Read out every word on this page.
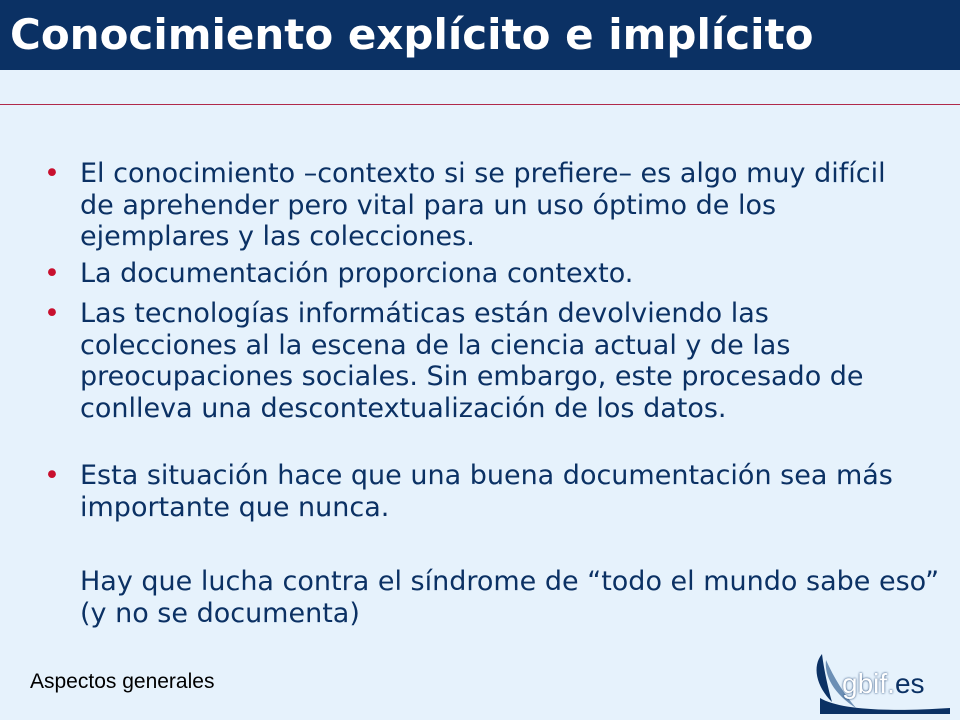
Conocimiento explícito e implícito
• El conocimiento –contexto si se prefiere– es algo muy difícil de aprehender pero vital para un uso óptimo de los ejemplares y las colecciones.
• La documentación proporciona contexto.
• Las tecnologías informáticas están devolviendo las colecciones al la escena de la ciencia actual y de las preocupaciones sociales. Sin embargo, este procesado de conlleva una descontextualización de los datos.
• Esta situación hace que una buena documentación sea más importante que nunca.
Hay que lucha contra el síndrome de “todo el mundo sabe eso” (y no se documenta)
Aspectos generales	gbif.es
